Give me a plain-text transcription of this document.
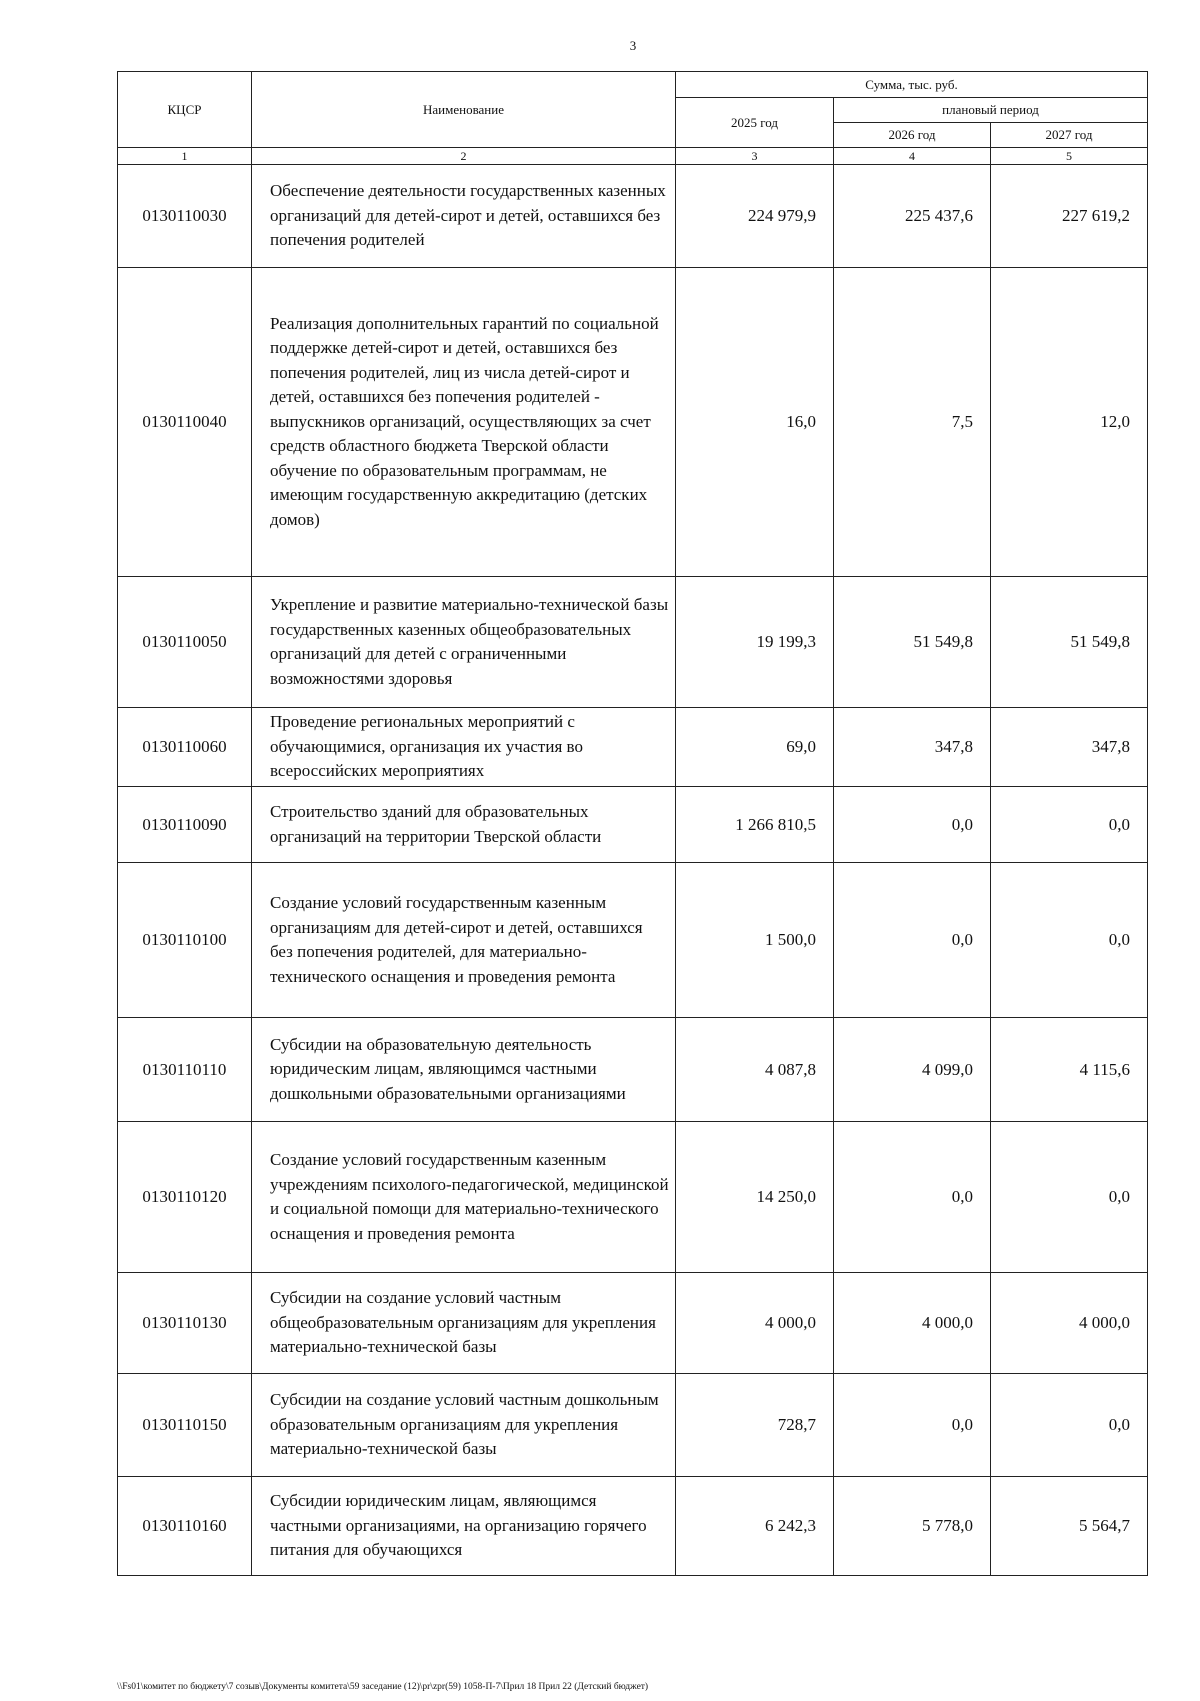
3
КЦСР	Наименование	Сумма, тыс. руб.		
		2025 год	плановый период	
			2026 год	2027 год
1	2	3	4	5
0130110030	Обеспечение деятельности государственных казенных организаций для детей-сирот и детей, оставшихся без попечения родителей	224 979,9	225 437,6	227 619,2
0130110040	Реализация дополнительных гарантий по социальной поддержке детей-сирот и детей, оставшихся без попечения родителей, лиц из числа детей-сирот и детей, оставшихся без попечения родителей - выпускников организаций, осуществляющих за счет средств областного бюджета Тверской области обучение по образовательным программам, не имеющим государственную аккредитацию (детских домов)	16,0	7,5	12,0
0130110050	Укрепление и развитие материально-технической базы государственных казенных общеобразовательных организаций для детей с ограниченными возможностями здоровья	19 199,3	51 549,8	51 549,8
0130110060	Проведение региональных мероприятий с обучающимися, организация их участия во всероссийских мероприятиях	69,0	347,8	347,8
0130110090	Строительство зданий для образовательных организаций на территории Тверской области	1 266 810,5	0,0	0,0
0130110100	Создание условий государственным казенным организациям для детей-сирот и детей, оставшихся без попечения родителей, для материально-технического оснащения и проведения ремонта	1 500,0	0,0	0,0
0130110110	Субсидии на образовательную деятельность юридическим лицам, являющимся частными дошкольными образовательными организациями	4 087,8	4 099,0	4 115,6
0130110120	Создание условий государственным казенным учреждениям психолого-педагогической, медицинской и социальной помощи для материально-технического оснащения и проведения ремонта	14 250,0	0,0	0,0
0130110130	Субсидии на создание условий частным общеобразовательным организациям для укрепления материально-технической базы	4 000,0	4 000,0	4 000,0
0130110150	Субсидии на создание условий частным дошкольным образовательным организациям для укрепления материально-технической базы	728,7	0,0	0,0
0130110160	Субсидии юридическим лицам, являющимся частными организациями, на организацию горячего питания для обучающихся	6 242,3	5 778,0	5 564,7
\\Fs01\комитет по бюджету\7 созыв\Документы комитета\59 заседание (12)\pr\zpr(59) 1058-П-7\Прил 18 Прил 22 (Детский бюджет)
